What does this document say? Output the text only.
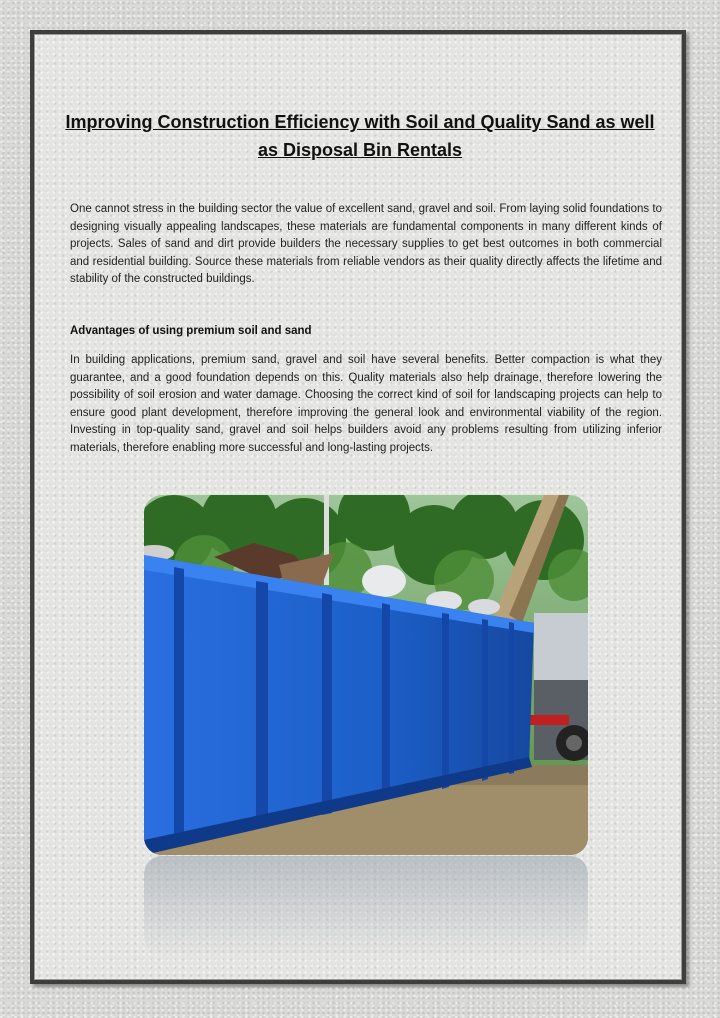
Improving Construction Efficiency with Soil and Quality Sand as well as Disposal Bin Rentals

One cannot stress in the building sector the value of excellent sand, gravel and soil. From laying solid foundations to designing visually appealing landscapes, these materials are fundamental components in many different kinds of projects. Sales of sand and dirt provide builders the necessary supplies to get best outcomes in both commercial and residential building. Source these materials from reliable vendors as their quality directly affects the lifetime and stability of the constructed buildings.

Advantages of using premium soil and sand

In building applications, premium sand, gravel and soil have several benefits. Better compaction is what they guarantee, and a good foundation depends on this. Quality materials also help drainage, therefore lowering the possibility of soil erosion and water damage. Choosing the correct kind of soil for landscaping projects can help to ensure good plant development, therefore improving the general look and environmental viability of the region. Investing in top-quality sand, gravel and soil helps builders avoid any problems resulting from utilizing inferior materials, therefore enabling more successful and long-lasting projects.
